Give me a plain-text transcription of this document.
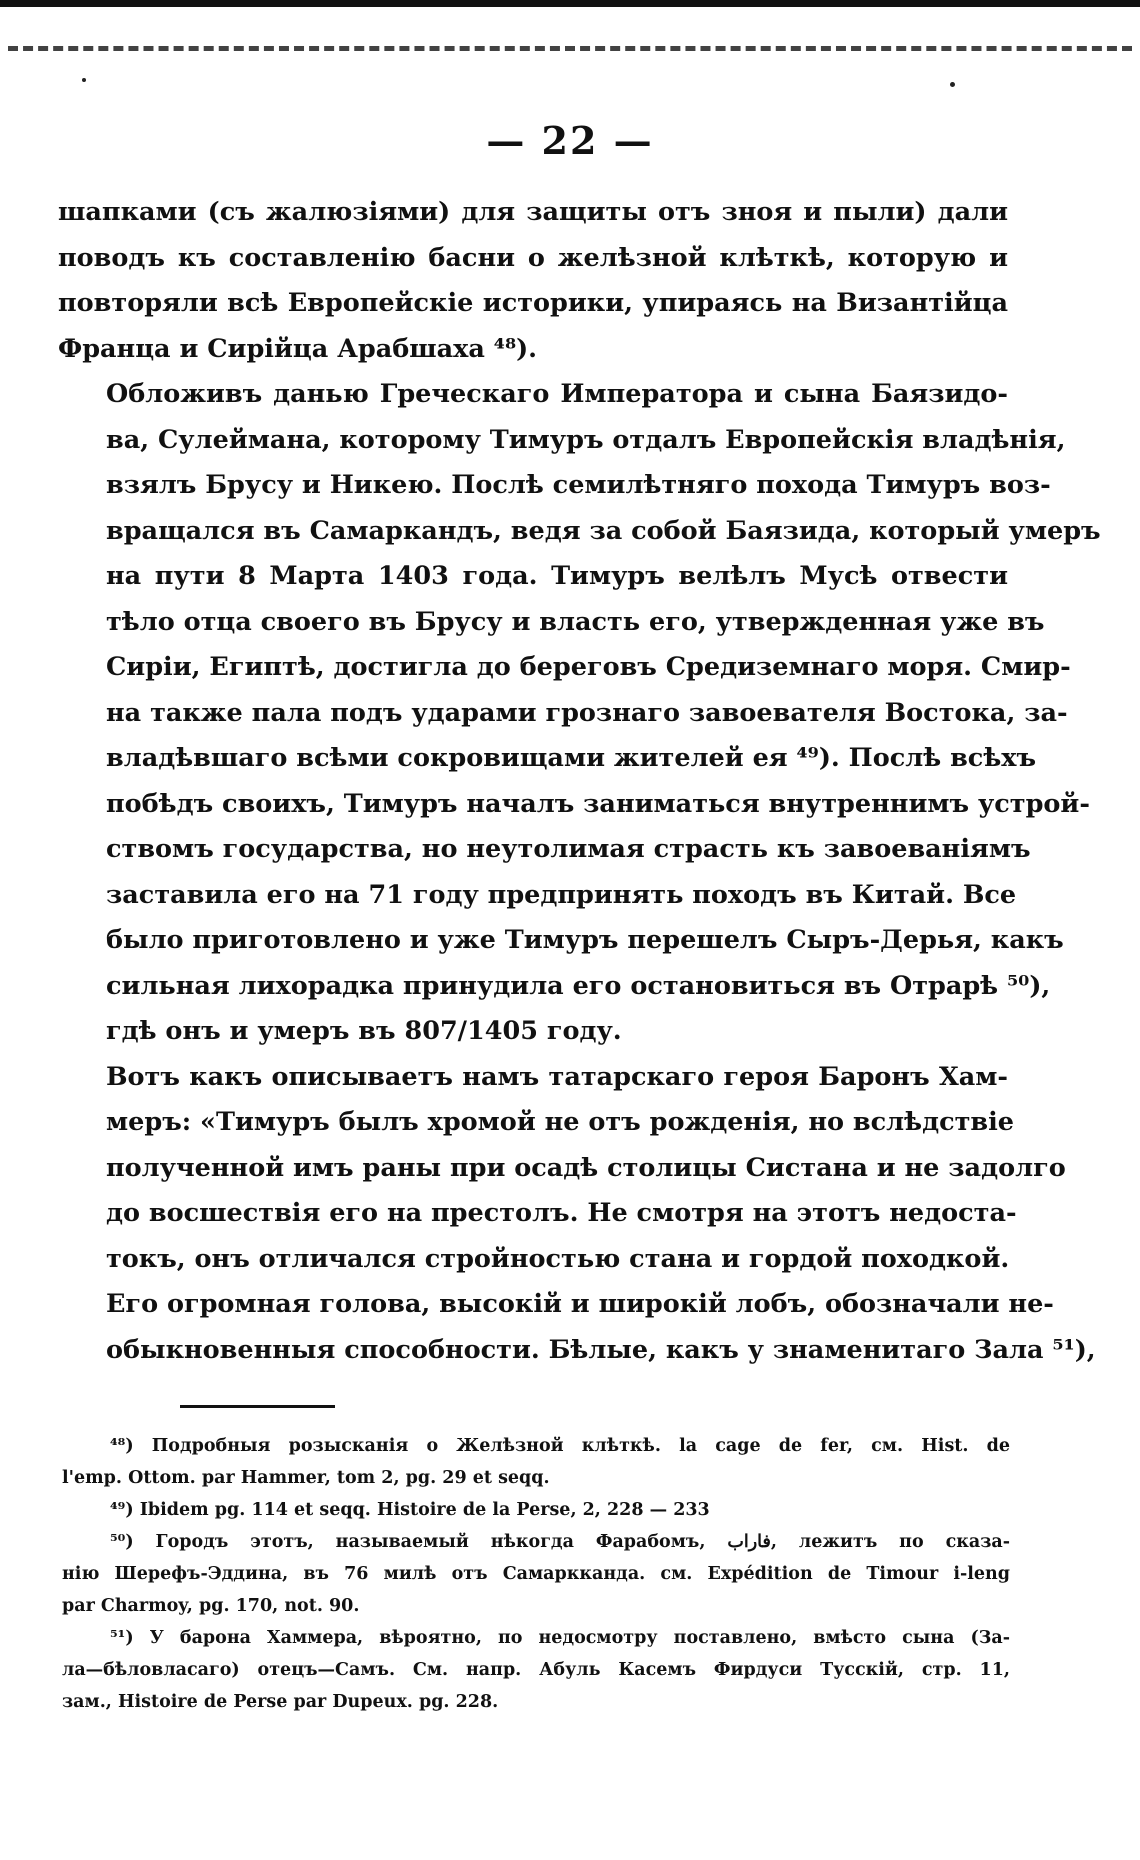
— 22 —

шапками (съ жалюзіями) для защиты отъ зноя и пыли) дали
поводъ къ составленію басни о желѣзной клѣткѣ, которую и
повторяли всѣ Европейскіе историки, упираясь на Византійца
Франца и Сирійца Арабшаха ⁴⁸).

Обложивъ данью Греческаго Императора и сына Баязидо-
ва, Сулеймана, которому Тимуръ отдалъ Европейскія владѣнія,
взялъ Брусу и Никею. Послѣ семилѣтняго похода Тимуръ воз-
вращался въ Самаркандъ, ведя за собой Баязида, который умеръ
на пути 8 Марта 1403 года. Тимуръ велѣлъ Мусѣ отвести
тѣло отца своего въ Брусу и власть его, утвержденная уже въ
Сиріи, Египтѣ, достигла до береговъ Средиземнаго моря. Смир-
на также пала подъ ударами грознаго завоевателя Востока, за-
владѣвшаго всѣми сокровищами жителей ея ⁴⁹). Послѣ всѣхъ
побѣдъ своихъ, Тимуръ началъ заниматься внутреннимъ устрой-
ствомъ государства, но неутолимая страсть къ завоеваніямъ
заставила его на 71 году предпринять походъ въ Китай. Все
было приготовлено и уже Тимуръ перешелъ Сыръ-Дерья, какъ
сильная лихорадка принудила его остановиться въ Отрарѣ ⁵⁰),
гдѣ онъ и умеръ въ 807/1405 году.

Вотъ какъ описываетъ намъ татарскаго героя Баронъ Хам-
меръ: «Тимуръ былъ хромой не отъ рожденія, но вслѣдствіе
полученной имъ раны при осадѣ столицы Систана и не задолго
до восшествія его на престолъ. Не смотря на этотъ недоста-
токъ, онъ отличался стройностью стана и гордой походкой.
Его огромная голова, высокій и широкій лобъ, обозначали не-
обыкновенныя способности. Бѣлые, какъ у знаменитаго Зала ⁵¹),

⁴⁸) Подробныя розысканія о Желѣзной клѣткѣ. la cage de fer, cм. Hist. de
l'emp. Ottom. par Hammer, tom 2, pg. 29 et seqq.
⁴⁹) Ibidem pg. 114 et seqq. Histoire de la Perse, 2, 228 — 233
⁵⁰) Городъ этотъ, называемый нѣкогда Фарабомъ, فاراب, лежитъ по сказа-
нію Шерефъ-Эддина, въ 76 милѣ отъ Самаркканда. см. Expédition de Timour i-leng
par Charmoy, pg. 170, not. 90.
⁵¹) У барона Хаммера, вѣроятно, по недосмотру поставлено, вмѣсто сына (За-
ла—бѣловласаго) отецъ—Самъ. См. напр. Абуль Касемъ Фирдуси Тусскій, стр. 11,
зам., Histoire de Perse par Dupeux. pg. 228.
